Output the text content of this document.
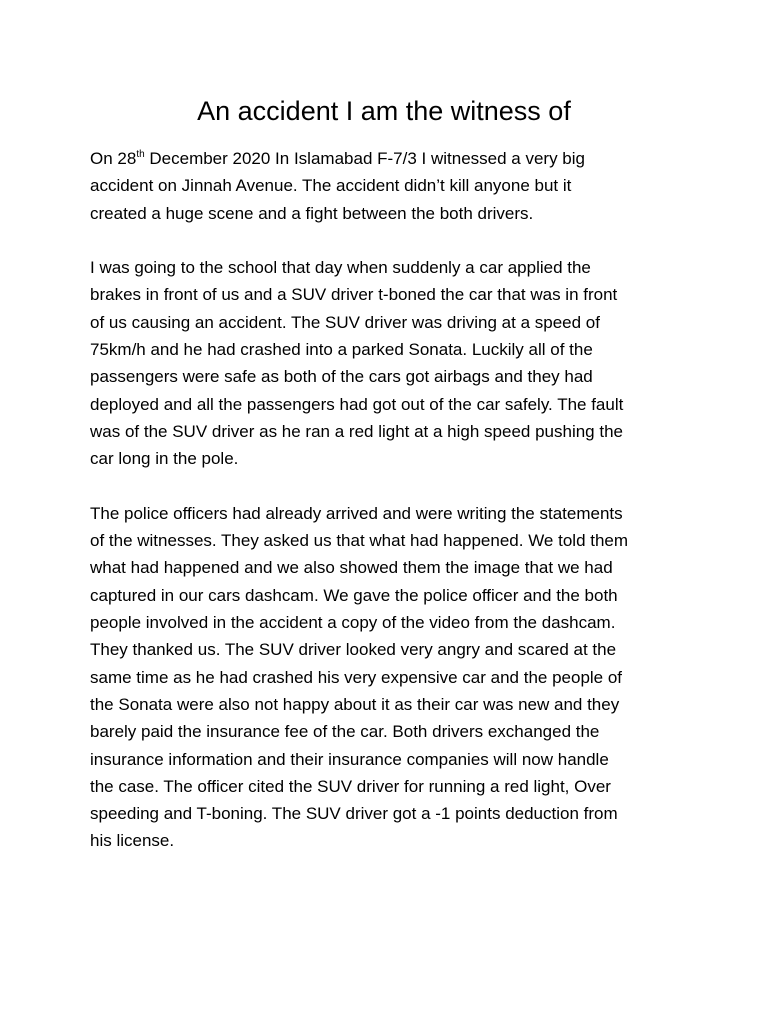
An accident I am the witness of

On 28th December 2020 In Islamabad F-7/3 I witnessed a very big
accident on Jinnah Avenue. The accident didn’t kill anyone but it
created a huge scene and a fight between the both drivers.

I was going to the school that day when suddenly a car applied the
brakes in front of us and a SUV driver t-boned the car that was in front
of us causing an accident. The SUV driver was driving at a speed of
75km/h and he had crashed into a parked Sonata. Luckily all of the
passengers were safe as both of the cars got airbags and they had
deployed and all the passengers had got out of the car safely. The fault
was of the SUV driver as he ran a red light at a high speed pushing the
car long in the pole.

The police officers had already arrived and were writing the statements
of the witnesses. They asked us that what had happened. We told them
what had happened and we also showed them the image that we had
captured in our cars dashcam. We gave the police officer and the both
people involved in the accident a copy of the video from the dashcam.
They thanked us. The SUV driver looked very angry and scared at the
same time as he had crashed his very expensive car and the people of
the Sonata were also not happy about it as their car was new and they
barely paid the insurance fee of the car. Both drivers exchanged the
insurance information and their insurance companies will now handle
the case. The officer cited the SUV driver for running a red light, Over
speeding and T-boning. The SUV driver got a -1 points deduction from
his license.
